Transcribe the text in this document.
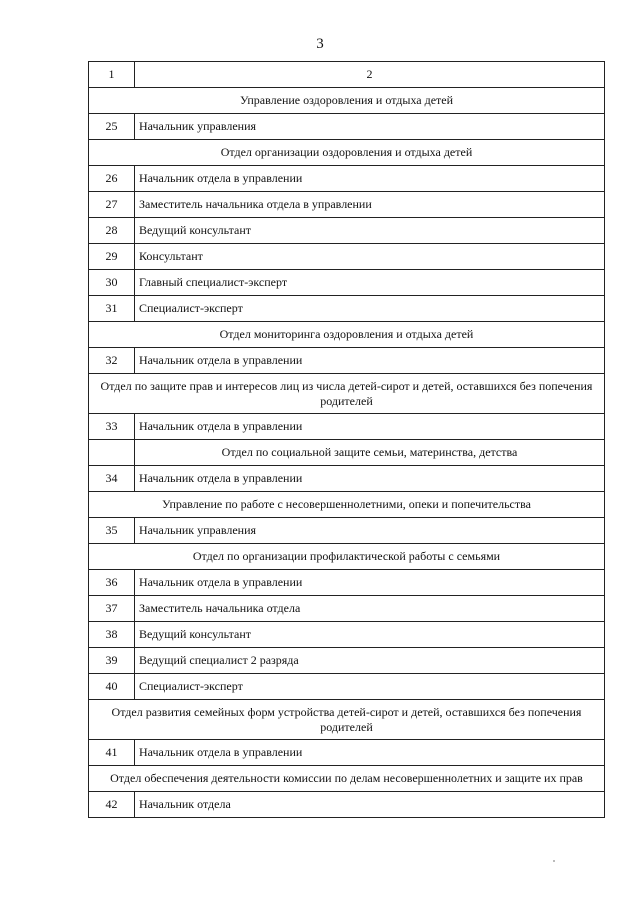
3
1	2
Управление оздоровления и отдыха детей	
25	Начальник управления
Отдел организации оздоровления и отдыха детей	
26	Начальник отдела в управлении
27	Заместитель начальника отдела в управлении
28	Ведущий консультант
29	Консультант
30	Главный специалист-эксперт
31	Специалист-эксперт
Отдел мониторинга оздоровления и отдыха детей	
32	Начальник отдела в управлении
Отдел по защите прав и интересов лиц из числа детей-сирот и детей, оставшихся без попечения родителей	
33	Начальник отдела в управлении
	Отдел по социальной защите семьи, материнства, детства
34	Начальник отдела в управлении
Управление по работе с несовершеннолетними, опеки и попечительства	
35	Начальник управления
Отдел по организации профилактической работы с семьями	
36	Начальник отдела в управлении
37	Заместитель начальника отдела
38	Ведущий консультант
39	Ведущий специалист 2 разряда
40	Специалист-эксперт
Отдел развития семейных форм устройства детей-сирот и детей, оставшихся без попечения родителей	
41	Начальник отдела в управлении
Отдел обеспечения деятельности комиссии по делам несовершеннолетних и защите их прав	
42	Начальник отдела
